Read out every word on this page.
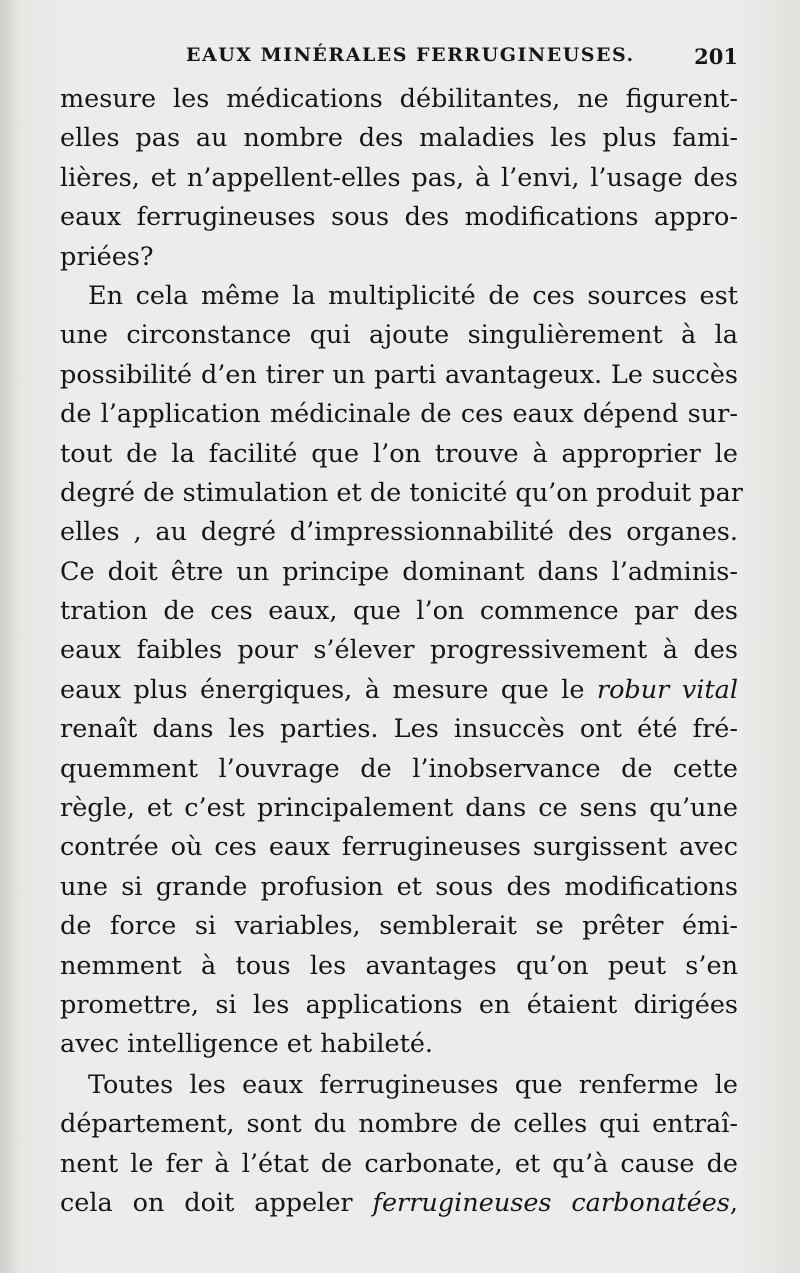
EAUX MINÉRALES FERRUGINEUSES.	201
mesure les médications débilitantes, ne figurent-
elles pas au nombre des maladies les plus fami-
lières, et n’appellent-elles pas, à l’envi, l’usage des
eaux ferrugineuses sous des modifications appro-
priées?
En cela même la multiplicité de ces sources est
une circonstance qui ajoute singulièrement à la
possibilité d’en tirer un parti avantageux. Le succès
de l’application médicinale de ces eaux dépend sur-
tout de la facilité que l’on trouve à approprier le
degré de stimulation et de tonicité qu’on produit par
elles , au degré d’impressionnabilité des organes.
Ce doit être un principe dominant dans l’adminis-
tration de ces eaux, que l’on commence par des
eaux faibles pour s’élever progressivement à des
eaux plus énergiques, à mesure que le robur vital
renaît dans les parties. Les insuccès ont été fré-
quemment l’ouvrage de l’inobservance de cette
règle, et c’est principalement dans ce sens qu’une
contrée où ces eaux ferrugineuses surgissent avec
une si grande profusion et sous des modifications
de force si variables, semblerait se prêter émi-
nemment à tous les avantages qu’on peut s’en
promettre, si les applications en étaient dirigées
avec intelligence et habileté.
Toutes les eaux ferrugineuses que renferme le
département, sont du nombre de celles qui entraî-
nent le fer à l’état de carbonate, et qu’à cause de
cela on doit appeler ferrugineuses carbonatées,
